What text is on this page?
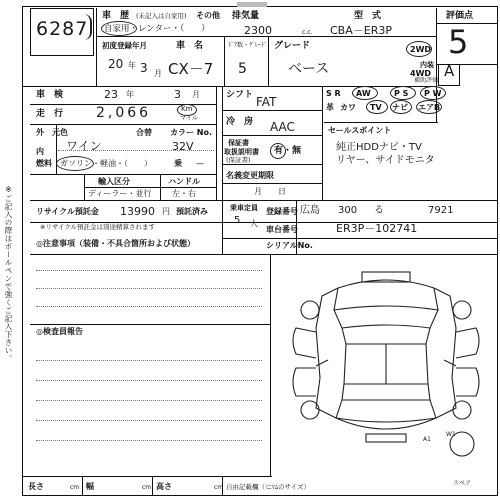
6287
※ご記入の際はボールペンで強くご記入下さい。
車　歴 (未記入は自家用) その他
自家用・レンター・（　　）
排気量
2300	c.c.
型　式
CBA－ER3P
評価点
5
初度登録年月
20 年 3 月
車　名
CX－7
ﾄﾞｱ数・ｸﾞﾚｰﾄﾞ グレード
5	ベース
2WD
4WD
内装
補助評価
A
車　検	23 年	3 月
走　行 2,066	Km
マイル
シフト FAT
S R AW	P S P W
革 カワ TV ナビ エアB
外　元色	合替 カラー No.
内 ワイン	32V
冷　房 AAC
保証書
取扱説明書
(保証書)
有・無
セールスポイント
純正HDDナビ・TV
リヤー、サイドモニタ
燃料 ガソリン・軽油・（　　）	乗 —
名義変更期限
月　　日
輸入区分	ハンドル
ディーラー・並行	左・右
リサイクル預託金 13990 円 預託済み
※リサイクル預託金は別途精算されます
乗車定員
5 人
登録番号 広島 300 る	7921
車台番号	ER3P－102741
シリアルNo.
◎注意事項（装備・不具合箇所および状態）
◎検査員報告
A1
W1
スペア
長さ	cm 幅	cm 高さ	cm 自由記載欄（ﾐﾆﾏﾑのサイズ）
